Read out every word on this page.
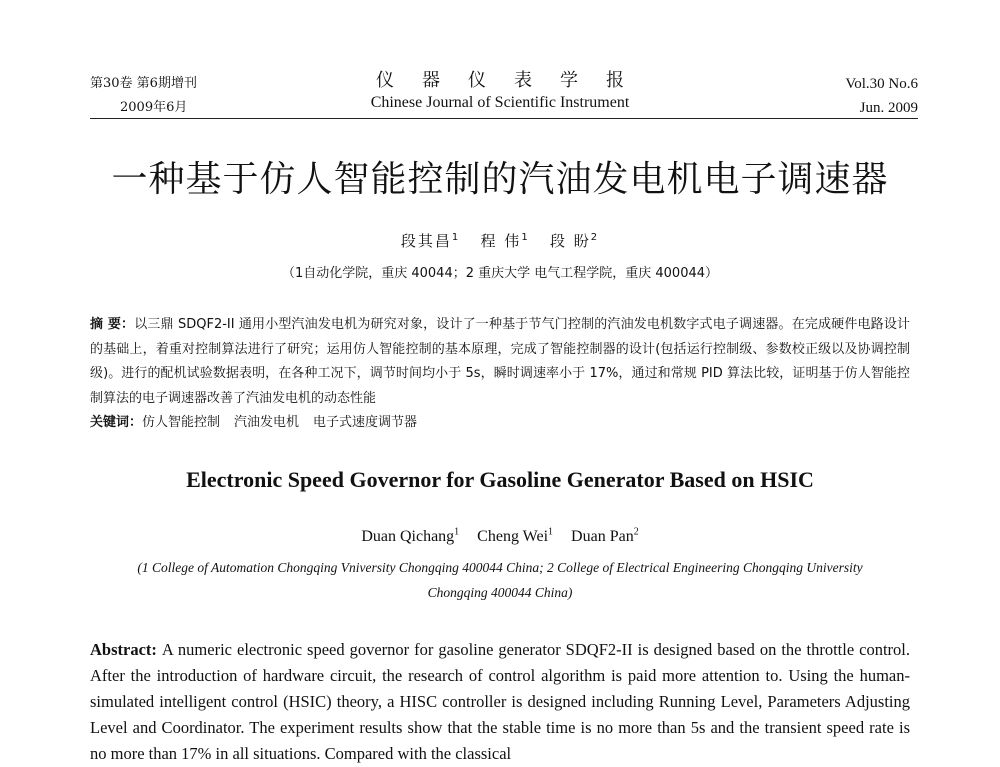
第30卷 第6期增刊
2009年6月
仪器仪表学报
Chinese Journal of Scientific Instrument
Vol.30 No.6
Jun. 2009
一种基于仿人智能控制的汽油发电机电子调速器
段其昌$^1$ 程 伟$^1$ 段 盼$^2$
（1自动化学院，重庆 40044；2 重庆大学 电气工程学院，重庆 400044）
摘 要：以三鼎 SDQF2-II 通用小型汽油发电机为研究对象，设计了一种基于节气门控制的汽油发电机数字式电子调速器。在完成硬件电路设计的基础上，着重对控制算法进行了研究；运用仿人智能控制的基本原理，完成了智能控制器的设计(包括运行控制级、参数校正级以及协调控制级)。进行的配机试验数据表明，在各种工况下，调节时间均小于 5s，瞬时调速率小于 17%，通过和常规 PID 算法比较，证明基于仿人智能控制算法的电子调速器改善了汽油发电机的动态性能
关键词：仿人智能控制 汽油发电机 电子式速度调节器
Electronic Speed Governor for Gasoline Generator Based on HSIC
Duan Qichang$^1$ Cheng Wei$^1$ Duan Pan$^2$
(1 College of Automation Chongqing Vniversity Chongqing 400044 China; 2 College of Electrical Engineering Chongqing University Chongqing 400044 China)
Abstract: A numeric electronic speed governor for gasoline generator SDQF2-II is designed based on the throttle control. After the introduction of hardware circuit, the research of control algorithm is paid more attention to. Using the human-simulated intelligent control (HSIC) theory, a HISC controller is designed including Running Level, Parameters Adjusting Level and Coordinator. The experiment results show that the stable time is no more than 5s and the transient speed rate is no more than 17% in all situations. Compared with the classical
